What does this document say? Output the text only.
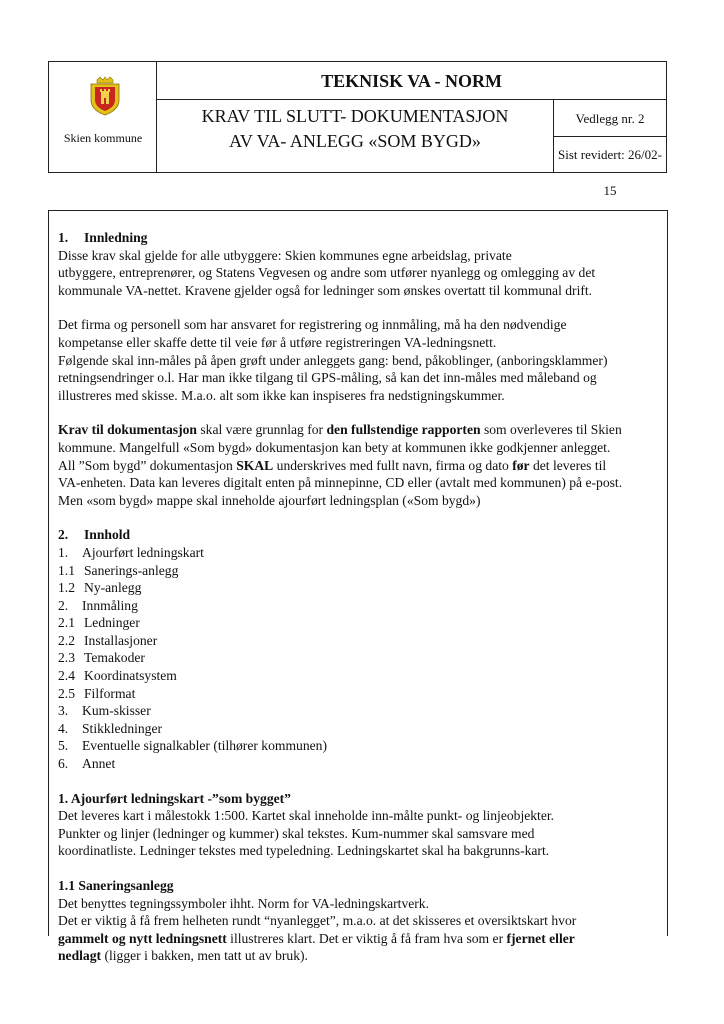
Skien kommune
TEKNISK VA - NORM
KRAV TIL SLUTT- DOKUMENTASJON
AV VA- ANLEGG «SOM BYGD»
Vedlegg nr. 2
Sist revidert: 26/02-15

1. Innledning

Disse krav skal gjelde for alle utbyggere: Skien kommunes egne arbeidslag, private

utbyggere, entreprenører, og Statens Vegvesen og andre som utfører nyanlegg og omlegging av det

kommunale VA-nettet. Kravene gjelder også for ledninger som ønskes overtatt til kommunal drift.

Det firma og personell som har ansvaret for registrering og innmåling, må ha den nødvendige

kompetanse eller skaffe dette til veie før å utføre registreringen VA-ledningsnett.

Følgende skal inn-måles på åpen grøft under anleggets gang: bend, påkoblinger, (anboringsklammer)

retningsendringer o.l. Har man ikke tilgang til GPS-måling, så kan det inn-måles med måleband og

illustreres med skisse. M.a.o. alt som ikke kan inspiseres fra nedstigningskummer.

Krav til dokumentasjon skal være grunnlag for den fullstendige rapporten som overleveres til Skien

kommune. Mangelfull «Som bygd» dokumentasjon kan bety at kommunen ikke godkjenner anlegget.

All ”Som bygd” dokumentasjon SKAL underskrives med fullt navn, firma og dato før det leveres til

VA-enheten. Data kan leveres digitalt enten på minnepinne, CD eller (avtalt med kommunen) på e-post.

Men «som bygd» mappe skal inneholde ajourført ledningsplan («Som bygd»)

2. Innhold

1. Ajourført ledningskart

1.1 Sanerings-anlegg

1.2 Ny-anlegg

2. Innmåling

2.1 Ledninger

2.2 Installasjoner

2.3 Temakoder

2.4 Koordinatsystem

2.5 Filformat

3. Kum-skisser

4. Stikkledninger

5. Eventuelle signalkabler (tilhører kommunen)

6. Annet

1. Ajourført ledningskart -”som bygget”

Det leveres kart i målestokk 1:500. Kartet skal inneholde inn-målte punkt- og linjeobjekter.

Punkter og linjer (ledninger og kummer) skal tekstes. Kum-nummer skal samsvare med

koordinatliste. Ledninger tekstes med typeledning. Ledningskartet skal ha bakgrunns-kart.

1.1 Saneringsanlegg

Det benyttes tegningssymboler ihht. Norm for VA-ledningskartverk.

Det er viktig å få frem helheten rundt “nyanlegget”, m.a.o. at det skisseres et oversiktskart hvor

gammelt og nytt ledningsnett illustreres klart. Det er viktig å få fram hva som er fjernet eller

nedlagt (ligger i bakken, men tatt ut av bruk).
